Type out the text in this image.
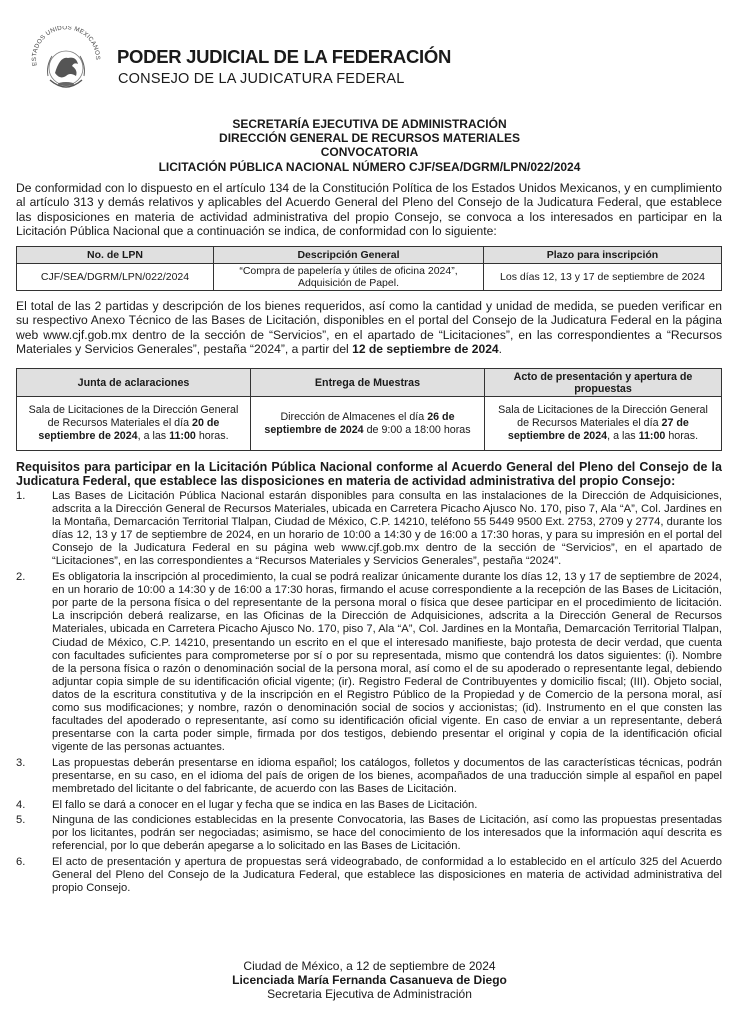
ESTADOS UNIDOS MEXICANOS PODER JUDICIAL DE LA FEDERACIÓN
CONSEJO DE LA JUDICATURA FEDERAL
SECRETARÍA EJECUTIVA DE ADMINISTRACIÓN
DIRECCIÓN GENERAL DE RECURSOS MATERIALES
CONVOCATORIA
LICITACIÓN PÚBLICA NACIONAL NÚMERO CJF/SEA/DGRM/LPN/022/2024
De conformidad con lo dispuesto en el artículo 134 de la Constitución Política de los Estados Unidos Mexicanos, y en cumplimiento al artículo 313 y demás relativos y aplicables del Acuerdo General del Pleno del Consejo de la Judicatura Federal, que establece las disposiciones en materia de actividad administrativa del propio Consejo, se convoca a los interesados en participar en la Licitación Pública Nacional que a continuación se indica, de conformidad con lo siguiente:
No. de LPN	Descripción General	Plazo para inscripción
CJF/SEA/DGRM/LPN/022/2024	“Compra de papelería y útiles de oficina 2024”, Adquisición de Papel.	Los días 12, 13 y 17 de septiembre de 2024
El total de las 2 partidas y descripción de los bienes requeridos, así como la cantidad y unidad de medida, se pueden verificar en su respectivo Anexo Técnico de las Bases de Licitación, disponibles en el portal del Consejo de la Judicatura Federal en la página web www.cjf.gob.mx dentro de la sección de “Servicios”, en el apartado de “Licitaciones”, en las correspondientes a “Recursos Materiales y Servicios Generales”, pestaña “2024”, a partir del 12 de septiembre de 2024.
Junta de aclaraciones	Entrega de Muestras	Acto de presentación y apertura de propuestas
Sala de Licitaciones de la Dirección General de Recursos Materiales el día 20 de septiembre de 2024, a las 11:00 horas.	Dirección de Almacenes el día 26 de septiembre de 2024 de 9:00 a 18:00 horas	Sala de Licitaciones de la Dirección General de Recursos Materiales el día 27 de septiembre de 2024, a las 11:00 horas.
Requisitos para participar en la Licitación Pública Nacional conforme al Acuerdo General del Pleno del Consejo de la Judicatura Federal, que establece las disposiciones en materia de actividad administrativa del propio Consejo:
1. Las Bases de Licitación Pública Nacional estarán disponibles para consulta en las instalaciones de la Dirección de Adquisiciones, adscrita a la Dirección General de Recursos Materiales, ubicada en Carretera Picacho Ajusco No. 170, piso 7, Ala “A”, Col. Jardines en la Montaña, Demarcación Territorial Tlalpan, Ciudad de México, C.P. 14210, teléfono 55 5449 9500 Ext. 2753, 2709 y 2774, durante los días 12, 13 y 17 de septiembre de 2024, en un horario de 10:00 a 14:30 y de 16:00 a 17:30 horas, y para su impresión en el portal del Consejo de la Judicatura Federal en su página web www.cjf.gob.mx dentro de la sección de “Servicios”, en el apartado de “Licitaciones”, en las correspondientes a “Recursos Materiales y Servicios Generales”, pestaña “2024”.
2. Es obligatoria la inscripción al procedimiento, la cual se podrá realizar únicamente durante los días 12, 13 y 17 de septiembre de 2024, en un horario de 10:00 a 14:30 y de 16:00 a 17:30 horas, firmando el acuse correspondiente a la recepción de las Bases de Licitación, por parte de la persona física o del representante de la persona moral o física que desee participar en el procedimiento de licitación. La inscripción deberá realizarse, en las Oficinas de la Dirección de Adquisiciones, adscrita a la Dirección General de Recursos Materiales, ubicada en Carretera Picacho Ajusco No. 170, piso 7, Ala “A”, Col. Jardines en la Montaña, Demarcación Territorial Tlalpan, Ciudad de México, C.P. 14210, presentando un escrito en el que el interesado manifieste, bajo protesta de decir verdad, que cuenta con facultades suficientes para comprometerse por sí o por su representada, mismo que contendrá los datos siguientes: (i). Nombre de la persona física o razón o denominación social de la persona moral, así como el de su apoderado o representante legal, debiendo adjuntar copia simple de su identificación oficial vigente; (ir). Registro Federal de Contribuyentes y domicilio fiscal; (III). Objeto social, datos de la escritura constitutiva y de la inscripción en el Registro Público de la Propiedad y de Comercio de la persona moral, así como sus modificaciones; y nombre, razón o denominación social de socios y accionistas; (id). Instrumento en el que consten las facultades del apoderado o representante, así como su identificación oficial vigente. En caso de enviar a un representante, deberá presentarse con la carta poder simple, firmada por dos testigos, debiendo presentar el original y copia de la identificación oficial vigente de las personas actuantes.
3. Las propuestas deberán presentarse en idioma español; los catálogos, folletos y documentos de las características técnicas, podrán presentarse, en su caso, en el idioma del país de origen de los bienes, acompañados de una traducción simple al español en papel membretado del licitante o del fabricante, de acuerdo con las Bases de Licitación.
4. El fallo se dará a conocer en el lugar y fecha que se indica en las Bases de Licitación.
5. Ninguna de las condiciones establecidas en la presente Convocatoria, las Bases de Licitación, así como las propuestas presentadas por los licitantes, podrán ser negociadas; asimismo, se hace del conocimiento de los interesados que la información aquí descrita es referencial, por lo que deberán apegarse a lo solicitado en las Bases de Licitación.
6. El acto de presentación y apertura de propuestas será videograbado, de conformidad a lo establecido en el artículo 325 del Acuerdo General del Pleno del Consejo de la Judicatura Federal, que establece las disposiciones en materia de actividad administrativa del propio Consejo.
Ciudad de México, a 12 de septiembre de 2024
Licenciada María Fernanda Casanueva de Diego
Secretaria Ejecutiva de Administración
